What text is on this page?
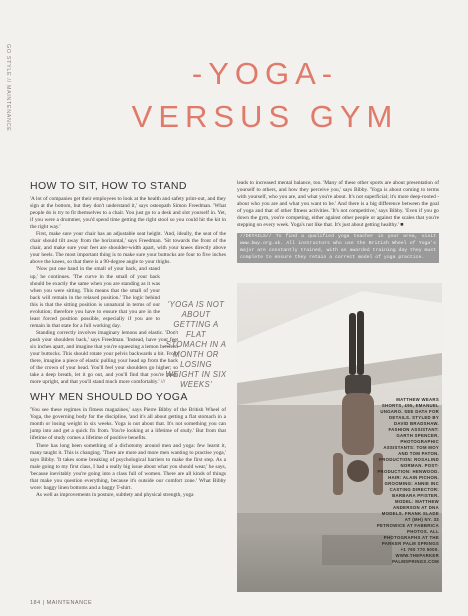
GO STYLE // MAINTENANCE	-YOGA-
VERSUS GYM
HOW TO SIT, HOW TO STAND

'A lot of companies get their employees to look at the health and safety print-out, and they sign at the bottom, but they don't understand it,' says osteopath Simon Freedman. 'What people do is try to fit themselves to a chair. You just go to a desk and slot yourself in. Yet, if you were a drummer, you'd spend time getting the right stool so you could hit the kit in the right way.'

First, make sure your chair has an adjustable seat height. 'And, ideally, the seat of the chair should tilt away from the horizontal,' says Freedman. 'Sit towards the front of the chair, and make sure your feet are shoulder-width apart, with your knees directly above your heels. The most important thing is to make sure your buttocks are four to five inches above the knees, so that there is a 90-degree angle to your thighs.

'Now put one hand in the small of your back, and stand up,' he continues. 'The curve in the small of your back should be exactly the same when you are standing as it was when you were sitting. This means that the small of your back will remain in the relaxed position.' The logic behind this is that the sitting position is unnatural in terms of our evolution; therefore you have to ensure that you are in the least forced position possible, especially if you are to remain in that state for a full working day.

Standing correctly involves imaginary lemons and elastic. 'Don't push your shoulders back,' says Freedman. 'Instead, have your feet six inches apart, and imagine that you're squeezing a lemon between your buttocks. This should rotate your pelvis backwards a bit. From there, imagine a piece of elastic pulling your head up from the back of the crown of your head. You'll feel your shoulders go higher; so take a deep breath, let it go out, and you'll find that you're much more upright, and that you'll stand much more comfortably.' ///

WHY MEN SHOULD DO YOGA

'You see these regimes in fitness magazines,' says Pierre Bibby of the British Wheel of Yoga, the governing body for the discipline, 'and it's all about getting a flat stomach in a month or losing weight in six weeks. Yoga is not about that. It's not something you can jump into and get a quick fix from. You're looking at a lifetime of study.' But from that lifetime of study comes a lifetime of positive benefits.

There has long been something of a dichotomy around men and yoga: few learnt it, many taught it. This is changing. 'There are more and more men wanting to practise yoga,' says Bibby. 'It takes some breaking of psychological barriers to make the first step. As a male going to my first class, I had a really big issue about what you should wear,' he says, 'because inevitably you're going into a class full of women. There are all kinds of things that make you question everything, because it's outside our comfort zone.' What Bibby wore: baggy linen bottoms and a baggy T-shirt.

As well as improvements in posture, subtlety and physical strength, yoga

'YOGA IS NOT ABOUT GETTING A FLAT STOMACH IN A MONTH OR LOSING WEIGHT IN SIX WEEKS'

leads to increased mental balance, too. 'Many of these other sports are about presentation of yourself to others, and how they perceive you,' says Bibby. 'Yoga is about coming to terms with yourself, who you are, and what you're about. It's not superficial; it's more deep-rooted - about who you are and what you want to be.' And there is a big difference between the goal of yoga and that of other fitness activities. 'It's not competitive,' says Bibby. 'Even if you go down the gym, you're competing, either against other people or against the scales that you're stepping on every week. Yoga's not like that. It's just about getting healthy.' ■

//DETAILS// To find a qualified yoga teacher in your area, visit www.bwy.org.uk. All instructors who use the British Wheel of Yoga's major are constantly trained, with an awarded training day they must complete to ensure they retain a correct model of yoga practice.
MATTHEW WEARS SHORTS, £95, EMANUEL UNGARO. SEE DATA FOR DETAILS. STYLED BY DAVID BRADSHAW. FASHION ASSISTANT: GARTH SPENCER. PHOTOGRAPHIC ASSISTANTS: TOM MOY AND TOM PATON. PRODUCTION: ROSALIND NORMAN. POST-PRODUCTION: HENWOOD. HAIR: ALAIN PICHON. GROOMING: ANNIE INC CASTING DIRECTOR: BARBARA PFISTER. MODEL: MATTHEW ANDERSON AT DNA MODELS. FRANK SLADE AT (MH) NY. 33 PETROWICE AT FABBRICA PHOTOS. ALL PHOTOGRAPHS AT THE PARKER PALM SPRINGS +1 760 770 5000. WWW.THEPARKER PALMSPRINGS.COM
184 | MAINTENANCE
